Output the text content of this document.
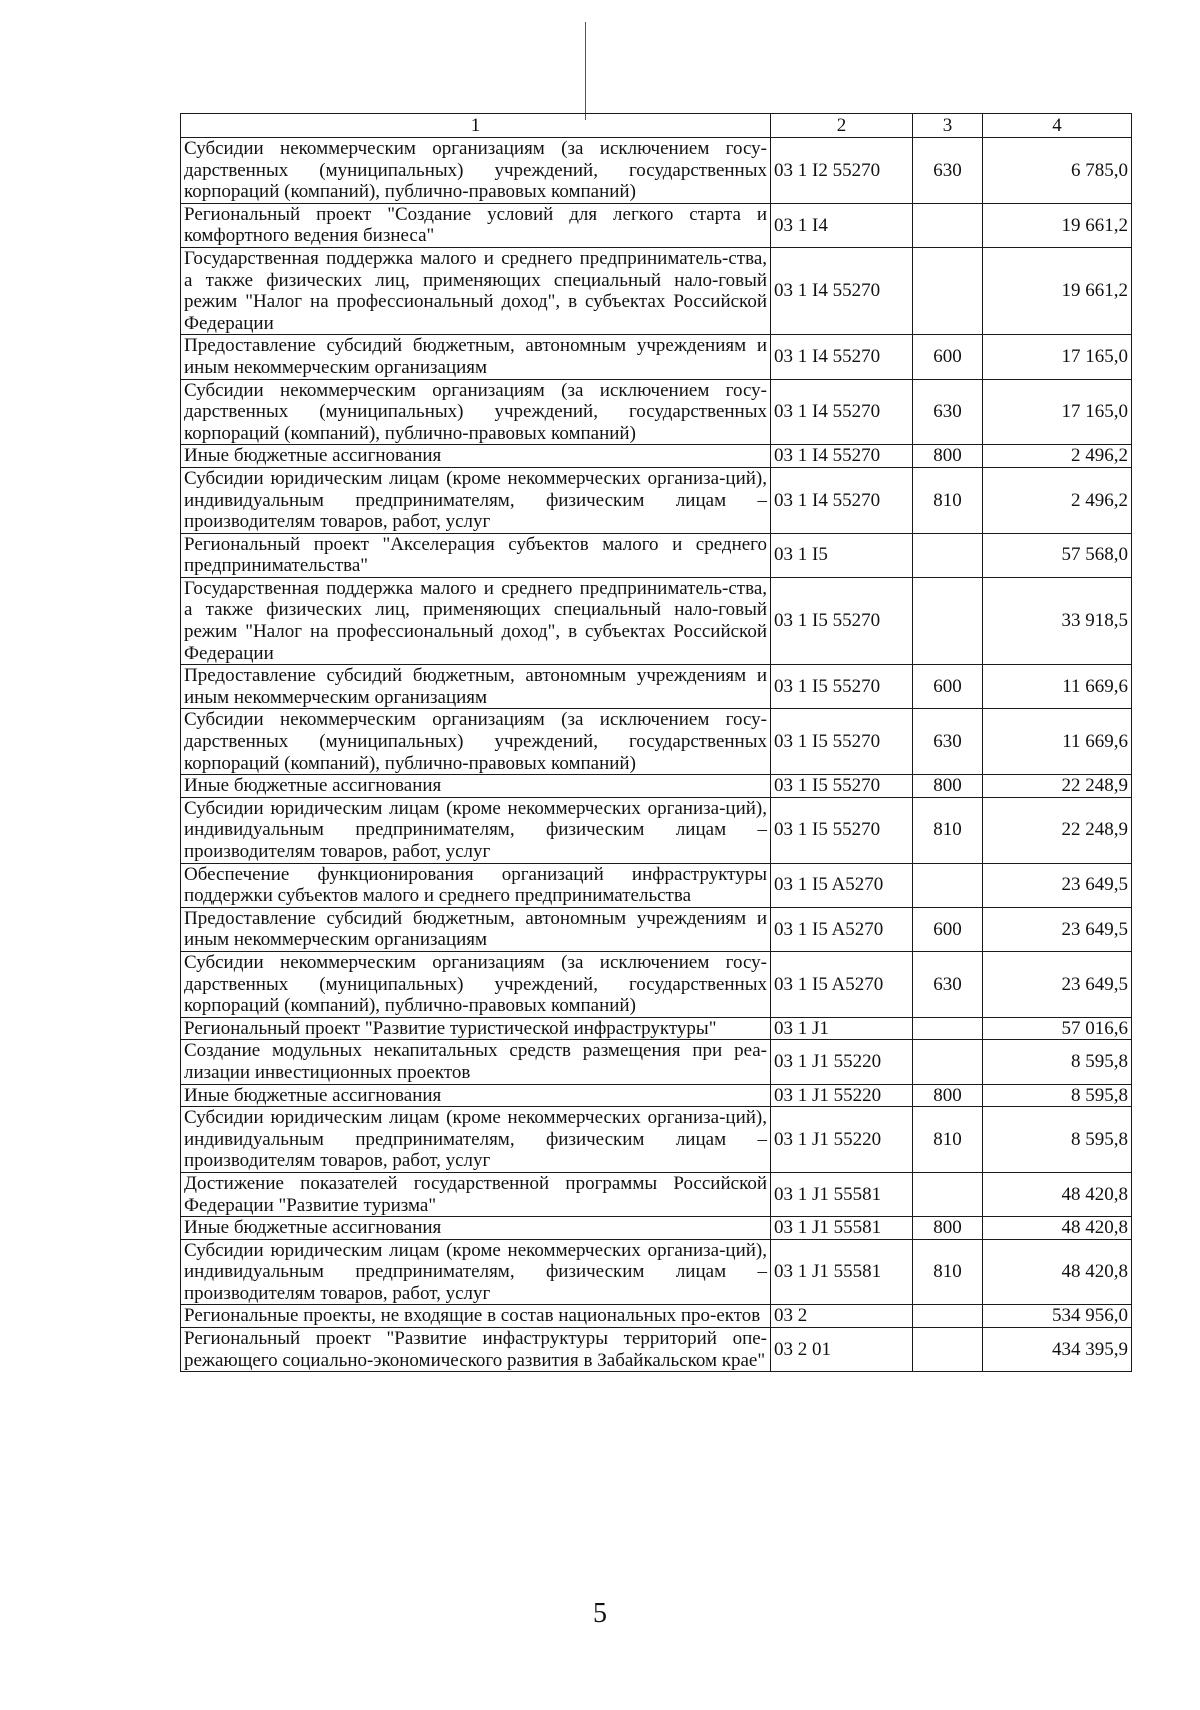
1	2	3	4
Субсидии некоммерческим организациям (за исключением госу-дарственных (муниципальных) учреждений, государственных корпораций (компаний), публично-правовых компаний)	03 1 I2 55270	630	6 785,0
Региональный проект "Создание условий для легкого старта и комфортного ведения бизнеса"	03 1 I4		19 661,2
Государственная поддержка малого и среднего предприниматель-ства, а также физических лиц, применяющих специальный нало-говый режим "Налог на профессиональный доход", в субъектах Российской Федерации	03 1 I4 55270		19 661,2
Предоставление субсидий бюджетным, автономным учреждениям и иным некоммерческим организациям	03 1 I4 55270	600	17 165,0
Субсидии некоммерческим организациям (за исключением госу-дарственных (муниципальных) учреждений, государственных корпораций (компаний), публично-правовых компаний)	03 1 I4 55270	630	17 165,0
Иные бюджетные ассигнования	03 1 I4 55270	800	2 496,2
Субсидии юридическим лицам (кроме некоммерческих организа-ций), индивидуальным предпринимателям, физическим лицам – производителям товаров, работ, услуг	03 1 I4 55270	810	2 496,2
Региональный проект "Акселерация субъектов малого и среднего предпринимательства"	03 1 I5		57 568,0
Государственная поддержка малого и среднего предприниматель-ства, а также физических лиц, применяющих специальный нало-говый режим "Налог на профессиональный доход", в субъектах Российской Федерации	03 1 I5 55270		33 918,5
Предоставление субсидий бюджетным, автономным учреждениям и иным некоммерческим организациям	03 1 I5 55270	600	11 669,6
Субсидии некоммерческим организациям (за исключением госу-дарственных (муниципальных) учреждений, государственных корпораций (компаний), публично-правовых компаний)	03 1 I5 55270	630	11 669,6
Иные бюджетные ассигнования	03 1 I5 55270	800	22 248,9
Субсидии юридическим лицам (кроме некоммерческих организа-ций), индивидуальным предпринимателям, физическим лицам – производителям товаров, работ, услуг	03 1 I5 55270	810	22 248,9
Обеспечение функционирования организаций инфраструктуры поддержки субъектов малого и среднего предпринимательства	03 1 I5 A5270		23 649,5
Предоставление субсидий бюджетным, автономным учреждениям и иным некоммерческим организациям	03 1 I5 A5270	600	23 649,5
Субсидии некоммерческим организациям (за исключением госу-дарственных (муниципальных) учреждений, государственных корпораций (компаний), публично-правовых компаний)	03 1 I5 A5270	630	23 649,5
Региональный проект "Развитие туристической инфраструктуры"	03 1 J1		57 016,6
Создание модульных некапитальных средств размещения при реа-лизации инвестиционных проектов	03 1 J1 55220		8 595,8
Иные бюджетные ассигнования	03 1 J1 55220	800	8 595,8
Субсидии юридическим лицам (кроме некоммерческих организа-ций), индивидуальным предпринимателям, физическим лицам – производителям товаров, работ, услуг	03 1 J1 55220	810	8 595,8
Достижение показателей государственной программы Российской Федерации "Развитие туризма"	03 1 J1 55581		48 420,8
Иные бюджетные ассигнования	03 1 J1 55581	800	48 420,8
Субсидии юридическим лицам (кроме некоммерческих организа-ций), индивидуальным предпринимателям, физическим лицам – производителям товаров, работ, услуг	03 1 J1 55581	810	48 420,8
Региональные проекты, не входящие в состав национальных про-ектов	03 2		534 956,0
Региональный проект "Развитие инфаструктуры территорий опе-режающего социально-экономического развития в Забайкальском крае"	03 2 01		434 395,9
5
